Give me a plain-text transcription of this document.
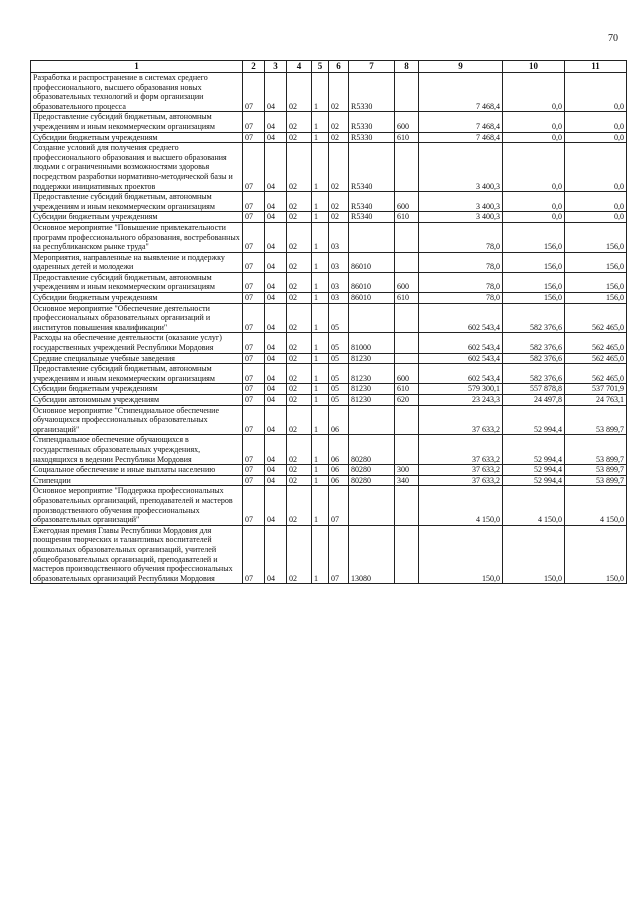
70
1	2	3	4	5	6	7	8	9	10	11
Разработка и распространение в системах среднего профессионального, высшего образования новых образовательных технологий и форм организации образовательного процесса	07	04	02	1	02	R5330		7 468,4	0,0	0,0
Предоставление субсидий бюджетным, автономным учреждениям и иным некоммерческим организациям	07	04	02	1	02	R5330	600	7 468,4	0,0	0,0
Субсидии бюджетным учреждениям	07	04	02	1	02	R5330	610	7 468,4	0,0	0,0
Создание условий для получения среднего профессионального образования и высшего образования людьми с ограниченными возможностями здоровья посредством разработки нормативно-методической базы и поддержки инициативных проектов	07	04	02	1	02	R5340		3 400,3	0,0	0,0
Предоставление субсидий бюджетным, автономным учреждениям и иным некоммерческим организациям	07	04	02	1	02	R5340	600	3 400,3	0,0	0,0
Субсидии бюджетным учреждениям	07	04	02	1	02	R5340	610	3 400,3	0,0	0,0
Основное мероприятие "Повышение привлекательности программ профессионального образования, востребованных на республиканском рынке труда"	07	04	02	1	03			78,0	156,0	156,0
Мероприятия, направленные на выявление и поддержку одаренных детей и молодежи	07	04	02	1	03	86010		78,0	156,0	156,0
Предоставление субсидий бюджетным, автономным учреждениям и иным некоммерческим организациям	07	04	02	1	03	86010	600	78,0	156,0	156,0
Субсидии бюджетным учреждениям	07	04	02	1	03	86010	610	78,0	156,0	156,0
Основное мероприятие "Обеспечение деятельности профессиональных образовательных организаций и институтов повышения квалификации"	07	04	02	1	05			602 543,4	582 376,6	562 465,0
Расходы на обеспечение деятельности (оказание услуг) государственных учреждений Республики Мордовия	07	04	02	1	05	81000		602 543,4	582 376,6	562 465,0
Средние специальные учебные заведения	07	04	02	1	05	81230		602 543,4	582 376,6	562 465,0
Предоставление субсидий бюджетным, автономным учреждениям и иным некоммерческим организациям	07	04	02	1	05	81230	600	602 543,4	582 376,6	562 465,0
Субсидии бюджетным учреждениям	07	04	02	1	05	81230	610	579 300,1	557 878,8	537 701,9
Субсидии автономным учреждениям	07	04	02	1	05	81230	620	23 243,3	24 497,8	24 763,1
Основное мероприятие "Стипендиальное обеспечение обучающихся профессиональных образовательных организаций"	07	04	02	1	06			37 633,2	52 994,4	53 899,7
Стипендиальное обеспечение обучающихся в государственных образовательных учреждениях, находящихся в ведении Республики Мордовия	07	04	02	1	06	80280		37 633,2	52 994,4	53 899,7
Социальное обеспечение и иные выплаты населению	07	04	02	1	06	80280	300	37 633,2	52 994,4	53 899,7
Стипендии	07	04	02	1	06	80280	340	37 633,2	52 994,4	53 899,7
Основное мероприятие "Поддержка профессиональных образовательных организаций, преподавателей и мастеров производственного обучения профессиональных образовательных организаций"	07	04	02	1	07			4 150,0	4 150,0	4 150,0
Ежегодная премия Главы Республики Мордовия для поощрения творческих и талантливых воспитателей дошкольных образовательных организаций, учителей общеобразовательных организаций, преподавателей и мастеров производственного обучения профессиональных образовательных организаций Республики Мордовия	07	04	02	1	07	13080		150,0	150,0	150,0
